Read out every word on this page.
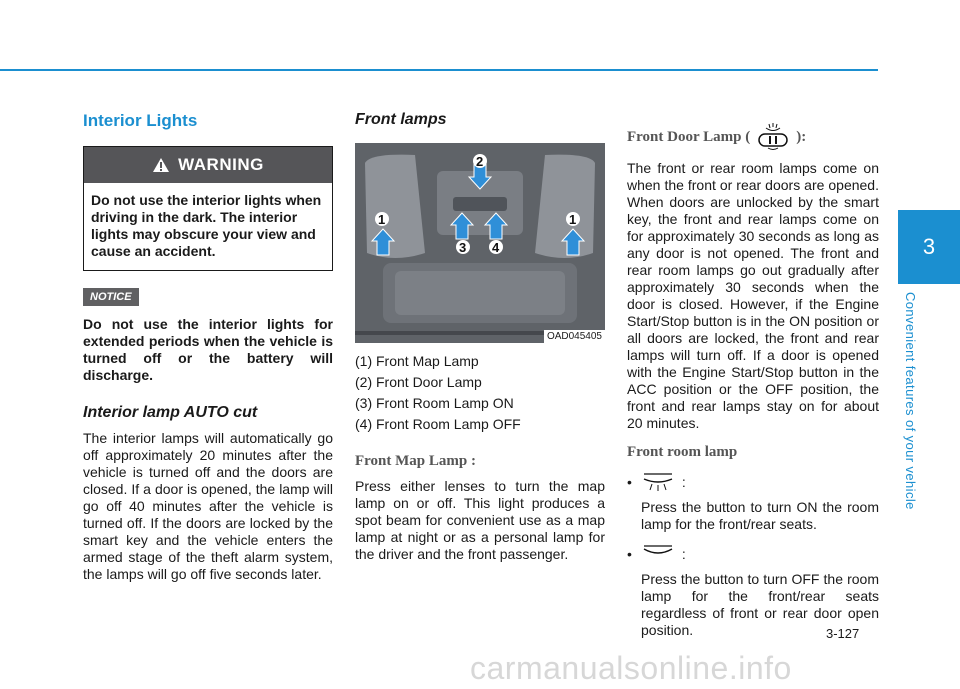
3
Convenient features of your vehicle
Interior Lights
WARNING
Do not use the interior lights when driving in the dark. The interior lights may obscure your view and cause an accident.
NOTICE

Do not use the interior lights for extended periods when the vehicle is turned off or the battery will discharge.

Interior lamp AUTO cut

The interior lamps will automatically go off approximately 20 minutes after the vehicle is turned off and the doors are closed. If a door is opened, the lamp will go off 40 minutes after the vehicle is turned off. If the doors are locked by the smart key and the vehicle enters the armed stage of the theft alarm system, the lamps will go off five seconds later.

Front lamps
2
1	1
3 4
OAD045405
(1) Front Map Lamp
(2) Front Door Lamp
(3) Front Room Lamp ON
(4) Front Room Lamp OFF
Front Map Lamp :

Press either lenses to turn the map lamp on or off. This light produces a spot beam for convenient use as a map lamp at night or as a personal lamp for the driver and the front passenger.

Front Door Lamp (	):

The front or rear room lamps come on when the front or rear doors are opened. When doors are unlocked by the smart key, the front and rear lamps come on for approximately 30 seconds as long as any door is not opened. The front and rear room lamps go out gradually after approximately 30 seconds when the door is closed. However, if the Engine Start/Stop button is in the ON position or all doors are locked, the front and rear lamps will turn off. If a door is opened with the Engine Start/Stop button in the ACC position or the OFF position, the front and rear lamps stay on for about 20 minutes.

Front room lamp
•	:

Press the button to turn ON the room lamp for the front/rear seats.

•	:

Press the button to turn OFF the room lamp for the front/rear seats regardless of front or rear door open position.	3-127
carmanualsonline.info
